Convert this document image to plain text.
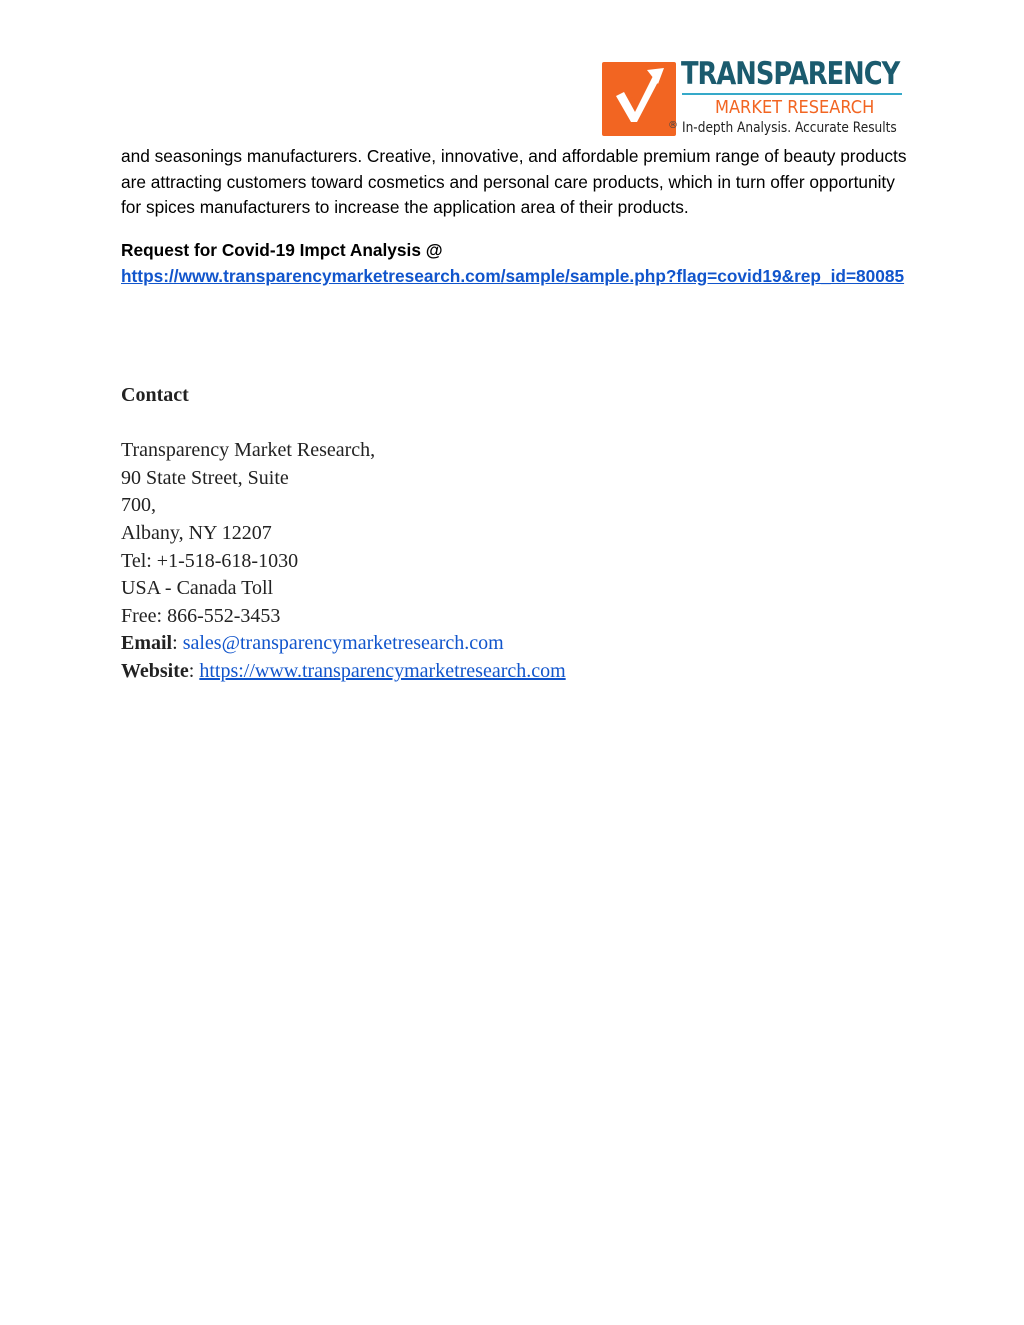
TRANSPARENCY
MARKET RESEARCH
® In-depth Analysis. Accurate Results

and seasonings manufacturers. Creative, innovative, and affordable premium range of beauty products are attracting customers toward cosmetics and personal care products, which in turn offer opportunity for spices manufacturers to increase the application area of their products.

Request for Covid-19 Impct Analysis @
https://www.transparencymarketresearch.com/sample/sample.php?flag=covid19&rep_id=80085

Contact
Transparency Market Research,
90 State Street, Suite
700,
Albany, NY 12207
Tel: +1-518-618-1030
USA - Canada Toll
Free: 866-552-3453
Email: sales@transparencymarketresearch.com
Website: https://www.transparencymarketresearch.com
